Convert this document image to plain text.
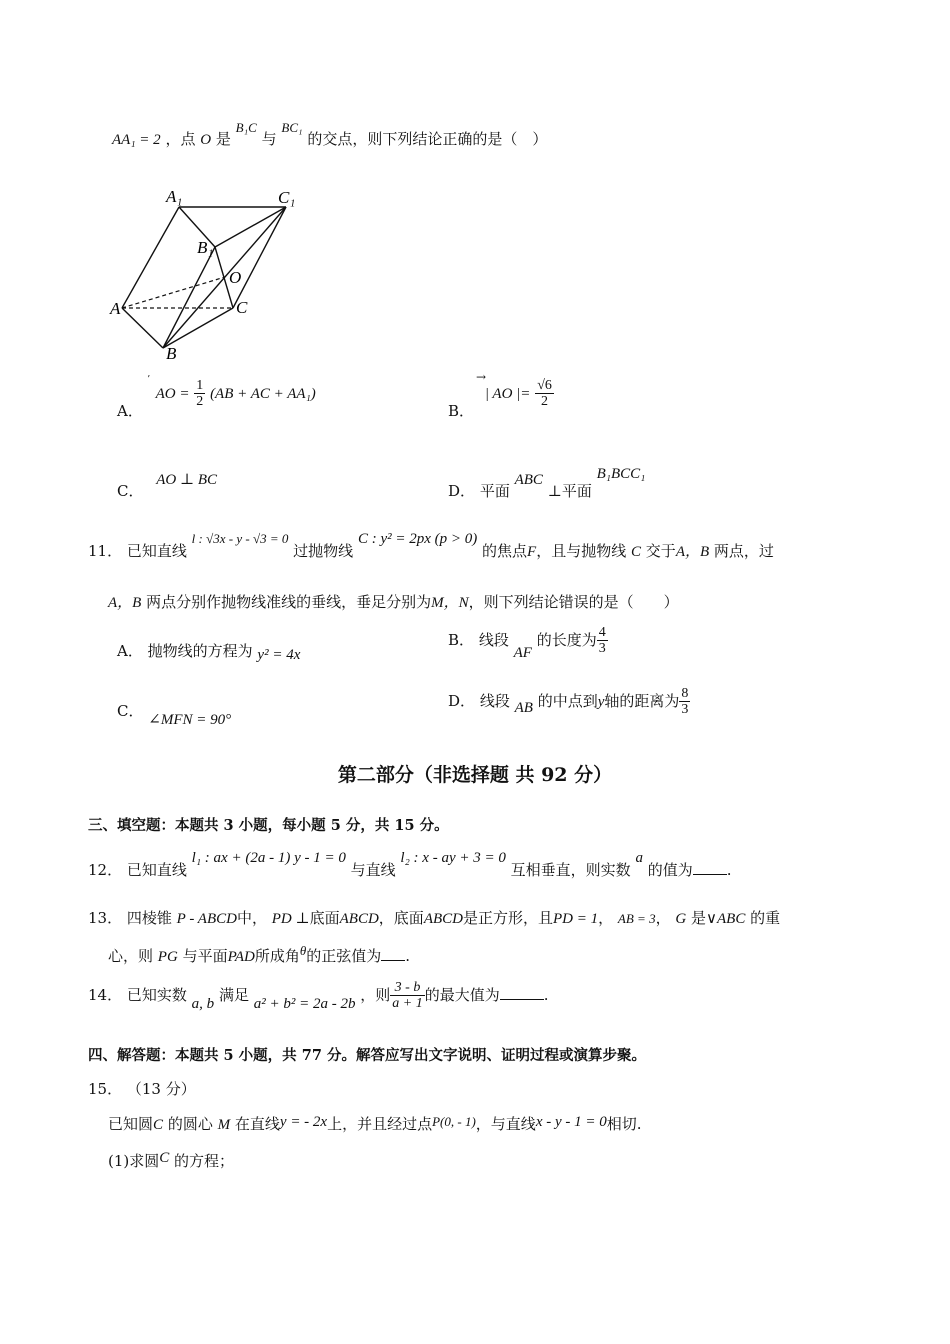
AA₁ = 2 ，点 O 是 B₁C 与 BC₁ 的交点，则下列结论正确的是（　）
A₁	C₁
B₁
O
A	C
B
A．
ʼ
AO = $\frac{1}{2} (AB$ + AC + AA₁)
B．
→
| AO |= $\frac{√6}{2}$
C． AO ⊥ BC
D． 平面 ABC ⊥平面 B₁BCC₁
11． 已知直线 l : √3x - y - √3 = 0 过抛物线 C : y² = 2px (p > 0) 的焦点F，且与抛物线 C 交于A，B 两点，过
A，B 两点分别作抛物线准线的垂线，垂足分别为M，N，则下列结论错误的是（　　）
A． 抛物线的方程为 y² = 4x
B． 线段 AF 的长度为 $\frac{4}{3}$
C． ∠MFN = 90°
D． 线段 AB 的中点到y轴的距离为 $\frac{8}{3}$
第二部分（非选择题 共 92 分）
三、填空题：本题共 3 小题，每小题 5 分，共 15 分。
12． 已知直线 l₁ : ax + (2a - 1) y - 1 = 0 与直线 l₂ : x - ay + 3 = 0 互相垂直，则实数 a 的值为 .
13． 四棱锥 P - ABCD中， PD ⊥底面ABCD，底面ABCD是正方形，且PD = 1， AB = 3， G 是∨ABC 的重
心，则 PG 与平面PAD所成角θ的正弦值为 .
14． 已知实数 a, b 满足 a² + b² = 2a - 2b ，则 $\frac{3 - b}{a + 1}$ 的最大值为	.
四、解答题：本题共 5 小题，共 77 分。解答应写出文字说明、证明过程或演算步聚。
15． （13 分）
已知圆C 的圆心 M 在直线y = - 2x上，并且经过点P(0, - 1)，与直线x - y - 1 = 0相切.
(1)求圆C 的方程；
